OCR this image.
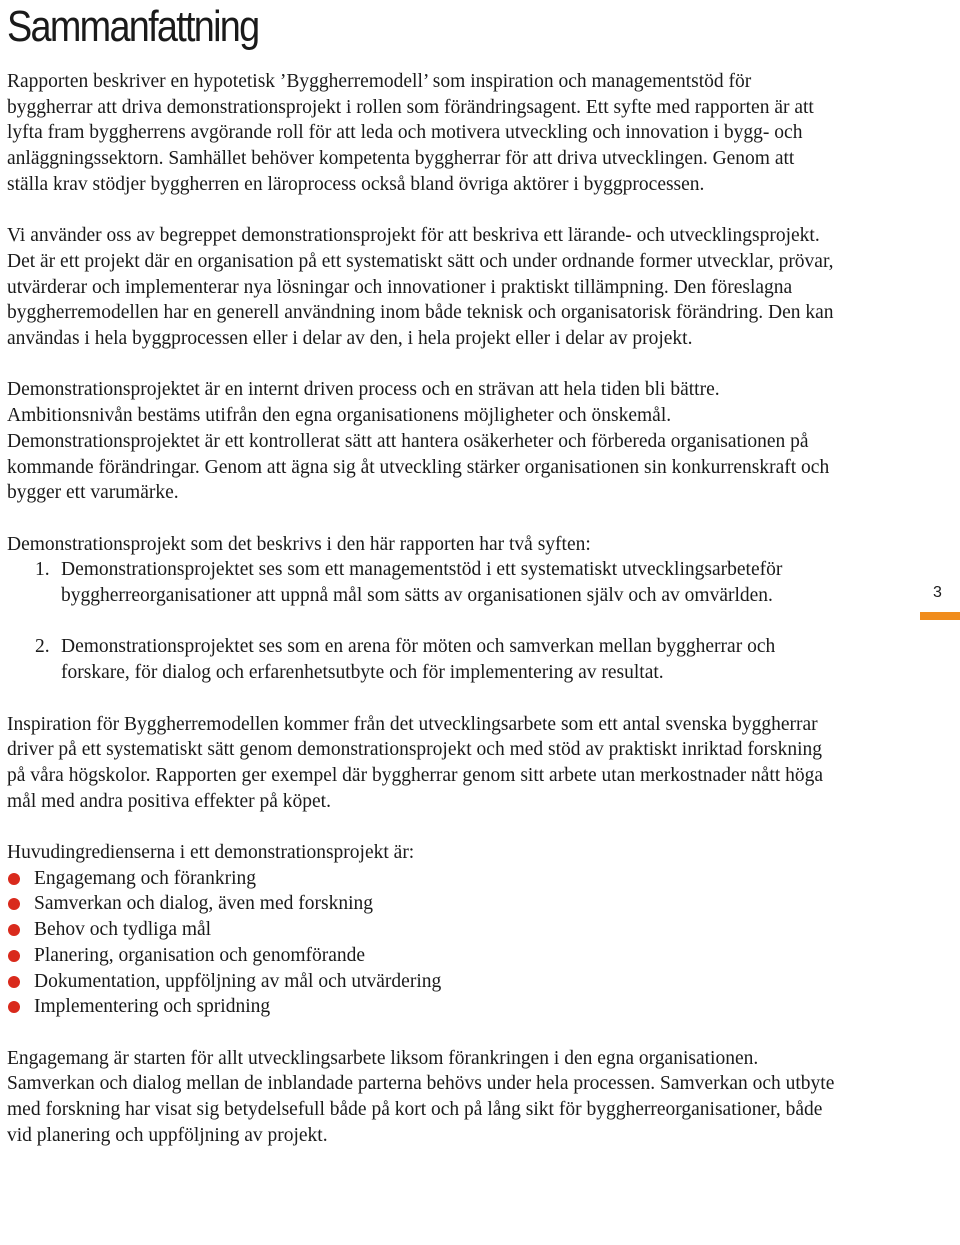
Sammanfattning

Rapporten beskriver en hypotetisk ’Byggherremodell’ som inspiration och managementstöd för byggherrar att driva demonstrationsprojekt i rollen som förändringsagent. Ett syfte med rapporten är att lyfta fram byggherrens avgörande roll för att leda och motivera utveckling och innovation i bygg- och anläggningssektorn. Samhället behöver kompetenta byggherrar för att driva utvecklingen. Genom att ställa krav stödjer byggherren en läroprocess också bland övriga aktörer i byggprocessen.

Vi använder oss av begreppet demonstrationsprojekt för att beskriva ett lärande- och utvecklingsprojekt. Det är ett projekt där en organisation på ett systematiskt sätt och under ordnande former utvecklar, prövar, utvärderar och implementerar nya lösningar och innovationer i praktiskt tillämpning. Den föreslagna byggherremodellen har en generell användning inom både teknisk och organisatorisk förändring. Den kan användas i hela byggprocessen eller i delar av den, i hela projekt eller i delar av projekt.

Demonstrationsprojektet är en internt driven process och en strävan att hela tiden bli bättre. Ambitionsnivån bestäms utifrån den egna organisationens möjligheter och önskemål. Demonstrationsprojektet är ett kontrollerat sätt att hantera osäkerheter och förbereda organisationen på kommande förändringar. Genom att ägna sig åt utveckling stärker organisationen sin konkurrenskraft och bygger ett varumärke.

Demonstrationsprojekt som det beskrivs i den här rapporten har två syften:
1. Demonstrationsprojektet ses som ett managementstöd i ett systematiskt utvecklingsarbeteför byggherreorganisationer att uppnå mål som sätts av organisationen själv och av omvärlden.
2. Demonstrationsprojektet ses som en arena för möten och samverkan mellan byggherrar och forskare, för dialog och erfarenhetsutbyte och för implementering av resultat.

Inspiration för Byggherremodellen kommer från det utvecklingsarbete som ett antal svenska byggherrar driver på ett systematiskt sätt genom demonstrationsprojekt och med stöd av praktiskt inriktad forskning på våra högskolor. Rapporten ger exempel där byggherrar genom sitt arbete utan merkostnader nått höga mål med andra positiva effekter på köpet.

Huvudingredienserna i ett demonstrationsprojekt är:
Engagemang och förankring
Samverkan och dialog, även med forskning
Behov och tydliga mål
Planering, organisation och genomförande
Dokumentation, uppföljning av mål och utvärdering
Implementering och spridning

Engagemang är starten för allt utvecklingsarbete liksom förankringen i den egna organisationen. Samverkan och dialog mellan de inblandade parterna behövs under hela processen. Samverkan och utbyte med forskning har visat sig betydelsefull både på kort och på lång sikt för byggherreorganisationer, både vid planering och uppföljning av projekt.

3
